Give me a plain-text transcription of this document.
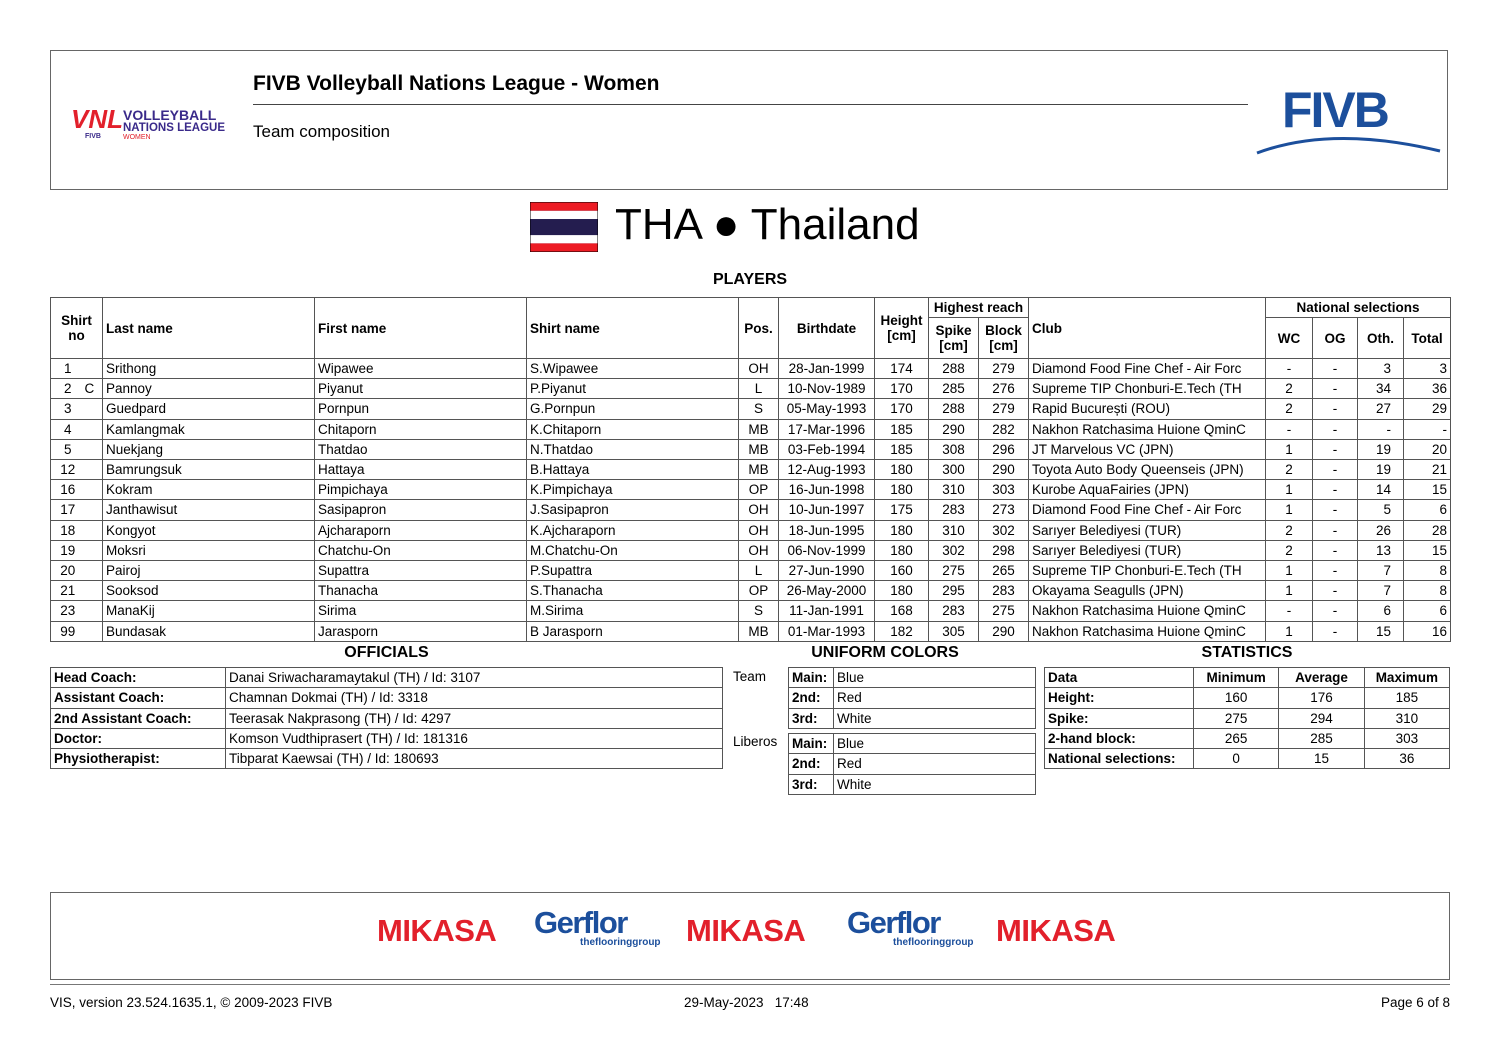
VNL
FIVB
VOLLEYBALL
NATIONS LEAGUE
WOMEN
FIVB Volleyball Nations League - Women
Team composition	FIVB
THA ● Thailand
PLAYERS
Shirt no		Last name	First name	Shirt name	Pos.	Birthdate	Height [cm]	Highest reach		Club	National selections			
								Spike [cm]	Block [cm]		WC	OG	Oth.	Total
1		Srithong	Wipawee	S.Wipawee	OH	28-Jan-1999	174	288	279	Diamond Food Fine Chef - Air Forc	-	-	3	3
2	C	Pannoy	Piyanut	P.Piyanut	L	10-Nov-1989	170	285	276	Supreme TIP Chonburi-E.Tech (TH	2	-	34	36
3		Guedpard	Pornpun	G.Pornpun	S	05-May-1993	170	288	279	Rapid București (ROU)	2	-	27	29
4		Kamlangmak	Chitaporn	K.Chitaporn	MB	17-Mar-1996	185	290	282	Nakhon Ratchasima Huione QminC	-	-	-	-
5		Nuekjang	Thatdao	N.Thatdao	MB	03-Feb-1994	185	308	296	JT Marvelous VC (JPN)	1	-	19	20
12		Bamrungsuk	Hattaya	B.Hattaya	MB	12-Aug-1993	180	300	290	Toyota Auto Body Queenseis (JPN)	2	-	19	21
16		Kokram	Pimpichaya	K.Pimpichaya	OP	16-Jun-1998	180	310	303	Kurobe AquaFairies (JPN)	1	-	14	15
17		Janthawisut	Sasipapron	J.Sasipapron	OH	10-Jun-1997	175	283	273	Diamond Food Fine Chef - Air Forc	1	-	5	6
18		Kongyot	Ajcharaporn	K.Ajcharaporn	OH	18-Jun-1995	180	310	302	Sarıyer Belediyesi (TUR)	2	-	26	28
19		Moksri	Chatchu-On	M.Chatchu-On	OH	06-Nov-1999	180	302	298	Sarıyer Belediyesi (TUR)	2	-	13	15
20		Pairoj	Supattra	P.Supattra	L	27-Jun-1990	160	275	265	Supreme TIP Chonburi-E.Tech (TH	1	-	7	8
21		Sooksod	Thanacha	S.Thanacha	OP	26-May-2000	180	295	283	Okayama Seagulls (JPN)	1	-	7	8
23		ManaKij	Sirima	M.Sirima	S	11-Jan-1991	168	283	275	Nakhon Ratchasima Huione QminC	-	-	6	6
99		Bundasak	Jarasporn	B Jarasporn	MB	01-Mar-1993	182	305	290	Nakhon Ratchasima Huione QminC	1	-	15	16
OFFICIALS	UNIFORM COLORS	STATISTICS
Head Coach:	Danai Sriwacharamaytakul (TH) / Id: 3107
Assistant Coach:	Chamnan Dokmai (TH) / Id: 3318
2nd Assistant Coach:	Teerasak Nakprasong (TH) / Id: 4297
Doctor:	Komson Vudthiprasert (TH) / Id: 181316
Physiotherapist:	Tibparat Kaewsai (TH) / Id: 180693
Team Main:	Blue
2nd:	Red
3rd:	White
Liberos Main:	Blue
2nd:	Red
3rd:	White
Data	Minimum	Average	Maximum
Height:	160	176	185
Spike:	275	294	310
2-hand block:	265	285	303
National selections:	0	15	36
MIKASA Gerflor
theflooringgroup MIKASA Gerflor
theflooringgroup MIKASA
VIS, version 23.524.1635.1, © 2009-2023 FIVB	29-May-2023   17:48	Page 6 of 8
